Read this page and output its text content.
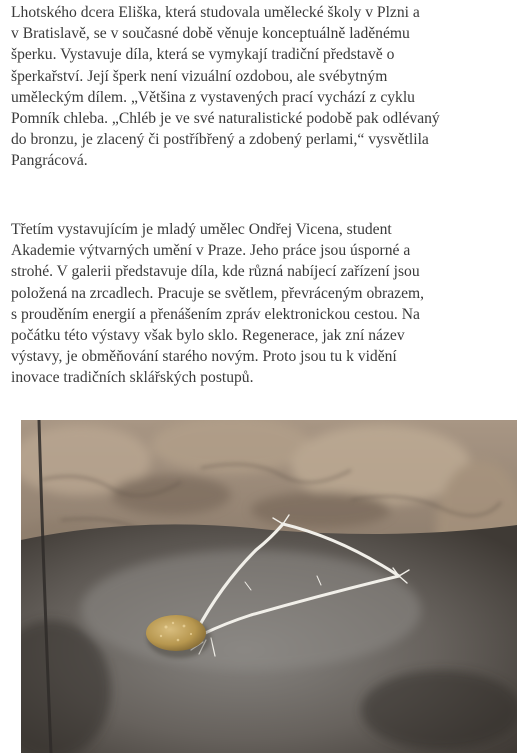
Lhotského dcera Eliška, která studovala umělecké školy v Plzni a
v Bratislavě, se v současné době věnuje konceptuálně laděnému
šperku. Vystavuje díla, která se vymykají tradiční představě o
šperkařství. Její šperk není vizuální ozdobou, ale svébytným
uměleckým dílem. „Většina z vystavených prací vychází z cyklu
Pomník chleba. „Chléb je ve své naturalistické podobě pak odlévaný
do bronzu, je zlacený či postříbřený a zdobený perlami,“ vysvětlila
Pangrácová.

Třetím vystavujícím je mladý umělec Ondřej Vicena, student
Akademie výtvarných umění v Praze. Jeho práce jsou úsporné a
strohé. V galerii představuje díla, kde různá nabíjecí zařízení jsou
položená na zrcadlech. Pracuje se světlem, převráceným obrazem,
s prouděním energií a přenášením zpráv elektronickou cestou. Na
počátku této výstavy však bylo sklo. Regenerace, jak zní název
výstavy, je obměňování starého novým. Proto jsou tu k vidění
inovace tradičních sklářských postupů.
